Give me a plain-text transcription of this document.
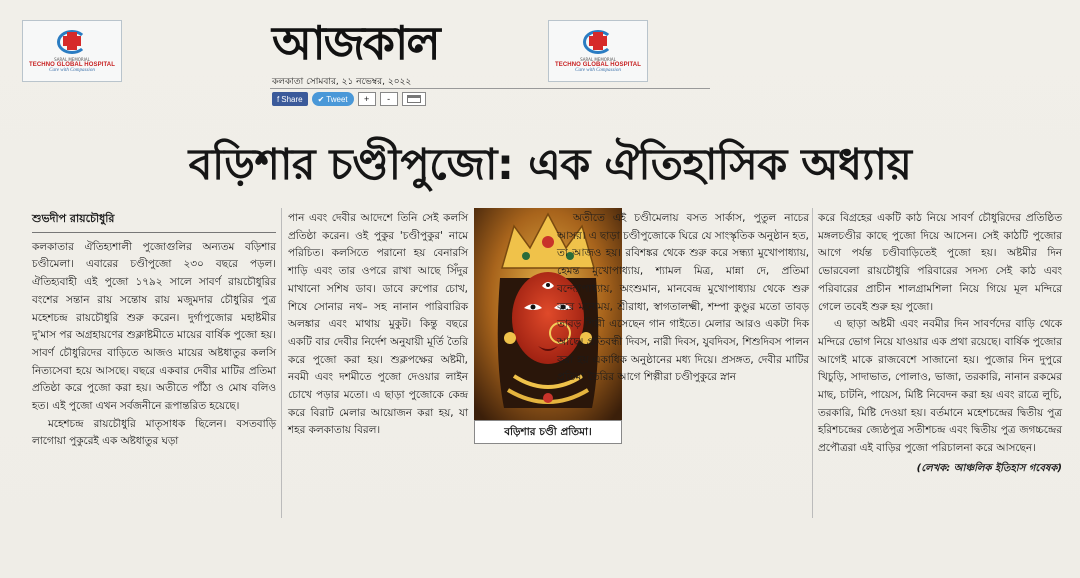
SARAL MEMORIAL
TECHNO GLOBAL HOSPITAL
Care with Compassion	আজকাল
কলকাতা সোমবার, ২১ নভেম্বর, ২০২২
f Share ✔ Tweet	+	-
SARAL MEMORIAL
TECHNO GLOBAL HOSPITAL
Care with Compassion
বড়িশার চণ্ডীপুজো: এক ঐতিহাসিক অধ্যায়
শুভদীপ রায়চৌধুরি

কলকাতার ঐতিহ্যশালী পুজোগুলির অন্যতম বড়িশার চণ্ডীমেলা। এবারের চণ্ডীপুজো ২৩০ বছরে পড়ল। ঐতিহ্যবাহী এই পুজো ১৭৯২ সালে সাবর্ণ রায়চৌধুরির বংশের সন্তান রায় সন্তোষ রায় মজুমদার চৌধুরির পুত্র মহেশচন্দ্র রায়চৌধুরি শুরু করেন। দুর্গাপুজোর মহাষ্টমীর দু'মাস পর অগ্রহায়ণের শুক্লাষ্টমীতে মায়ের বার্ষিক পুজো হয়। সাবর্ণ চৌধুরিদের বাড়িতে আজও মায়ের অষ্টধাতুর কলসি নিত্যসেবা হয়ে আসছে। বছরে একবার দেবীর মাটির প্রতিমা প্রতিষ্ঠা করে পুজো করা হয়। অতীতে পাঁঠা ও মোষ বলিও হত। এই পুজো এখন সর্বজনীনে রূপান্তরিত হয়েছে।

মহেশচন্দ্র রায়চৌধুরি মাতৃসাধক ছিলেন। বসতবাড়ি লাগোয়া পুকুরেই এক অষ্টধাতুর ঘড়া

পান এবং দেবীর আদেশে তিনি সেই কলসি প্রতিষ্ঠা করেন। ওই পুকুর 'চণ্ডীপুকুর' নামে পরিচিত। কলসিতে পরানো হয় বেনারসি শাড়ি এবং তার ওপরে রাখা আছে সিঁদুর মাখানো সশিষ ডাব। ডাবে রুপোর চোখ, শিষে সোনার নথ– সহ নানান পারিবারিক অলঙ্কার এবং মাথায় মুকুট। কিন্তু বছরে একটি বার দেবীর নির্দেশ অনুযায়ী মূর্তি তৈরি করে পুজো করা হয়। শুক্লপক্ষের অষ্টমী, নবমী এবং দশমীতে পুজো দেওয়ার লাইন চোখে পড়ার মতো। এ ছাড়া পুজোকে কেন্দ্র করে বিরাট মেলার আয়োজন করা হয়, যা শহর কলকাতায় বিরল।	বড়িশার চণ্ডী প্রতিমা।

অতীতে এই চণ্ডীমেলায় বসত সার্কাস, পুতুল নাচের আসর। এ ছাড়া চণ্ডীপুজোকে ঘিরে যে সাংস্কৃতিক অনুষ্ঠান হত, তা আজও হয়। রবিশঙ্কর থেকে শুরু করে সন্ধ্যা মুখোপাধ্যায়, হেমন্ত মুখোপাধ্যায়, শ্যামল মিত্র, মান্না দে, প্রতিমা বন্দ্যোপাধ্যায়, অংশুমান, মানবেন্দ্র মুখোপাধ্যায় থেকে শুরু করে মনোময়, শ্রীরাধা, স্বাগতালক্ষ্মী, শম্পা কুণ্ডুর মতো তাবড় তাবড় শিল্পী এসেছেন গান গাইতে। মেলার আরও একটা দিক আছে। প্রতিবন্ধী দিবস, নারী দিবস, যুবদিবস, শিশুদিবস পালন করা হয় একাধিক অনুষ্ঠানের মধ্য দিয়ে। প্রসঙ্গত, দেবীর মাটির প্রতিমা তৈরির আগে শিল্পীরা চণ্ডীপুকুরে স্নান

করে বিগ্রহের একটি কাঠ নিয়ে সাবর্ণ চৌধুরিদের প্রতিষ্ঠিত মঙ্গলচণ্ডীর কাছে পুজো দিয়ে আসেন। সেই কাঠটি পুজোর আগে পর্যন্ত চণ্ডীবাড়িতেই পুজো হয়। অষ্টমীর দিন ভোরবেলা রায়চৌধুরি পরিবারের সদস্য সেই কাঠ এবং পরিবারের প্রাচীন শালগ্রামশিলা নিয়ে গিয়ে মূল মন্দিরে গেলে তবেই শুরু হয় পুজো।

এ ছাড়া অষ্টমী এবং নবমীর দিন সাবর্ণদের বাড়ি থেকে মন্দিরে ভোগ নিয়ে যাওয়ার এক প্রথা রয়েছে। বার্ষিক পুজোর আগেই মাকে রাজবেশে সাজানো হয়। পুজোর দিন দুপুরে খিচুড়ি, সাদাভাত, পোলাও, ভাজা, তরকারি, নানান রকমের মাছ, চাটনি, পায়েস, মিষ্টি নিবেদন করা হয় এবং রাত্রে লুচি, তরকারি, মিষ্টি দেওয়া হয়। বর্তমানে মহেশচন্দ্রের দ্বিতীয় পুত্র হরিশচন্দ্রের জ্যেষ্ঠপুত্র সতীশচন্দ্র এবং দ্বিতীয় পুত্র জগচ্চন্দ্রের প্রপৌত্ররা এই বাড়ির পুজো পরিচালনা করে আসছেন।

(লেখক: আঞ্চলিক ইতিহাস গবেষক)
